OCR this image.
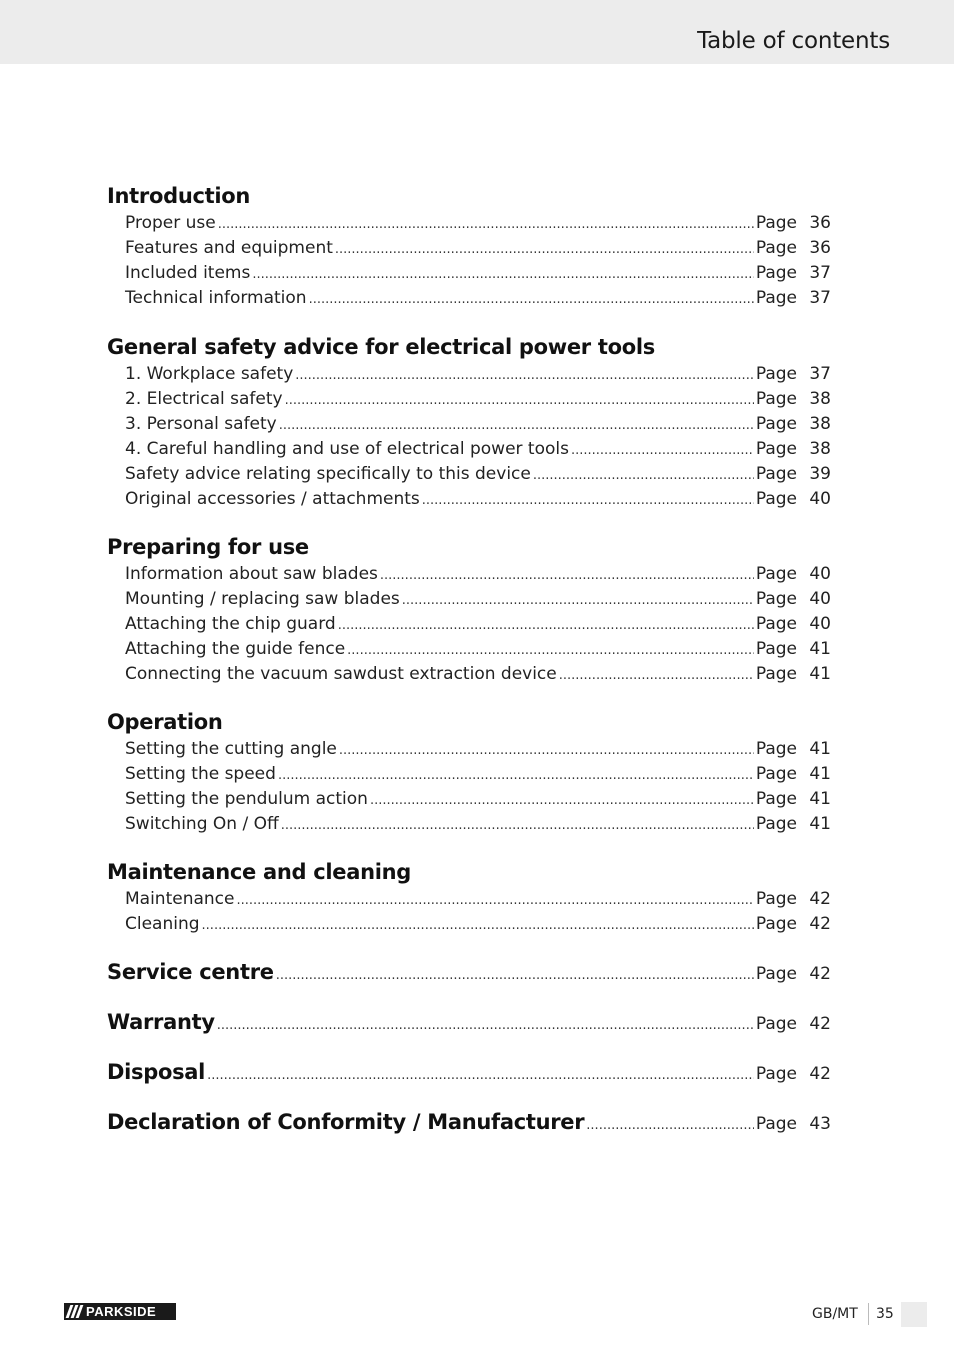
Table of contents
Introduction
Proper use .....	Page 36
Features and equipment .....	Page 36
Included items .....	Page 37
Technical information .....	Page 37
General safety advice for electrical power tools
1. Workplace safety .....	Page 37
2. Electrical safety .....	Page 38
3. Personal safety .....	Page 38
4. Careful handling and use of electrical power tools .....	Page 38
Safety advice relating specifically to this device .....	Page 39
Original accessories / attachments .....	Page 40
Preparing for use
Information about saw blades .....	Page 40
Mounting / replacing saw blades .....	Page 40
Attaching the chip guard .....	Page 40
Attaching the guide fence .....	Page 41
Connecting the vacuum sawdust extraction device .....	Page 41
Operation
Setting the cutting angle .....	Page 41
Setting the speed .....	Page 41
Setting the pendulum action .....	Page 41
Switching On / Off .....	Page 41
Maintenance and cleaning
Maintenance .....	Page 42
Cleaning .....	Page 42
Service centre .....	Page 42
Warranty .....	Page 42
Disposal .....	Page 42
Declaration of Conformity / Manufacturer .....	Page 43
PARKSIDE	GB/MT 35
